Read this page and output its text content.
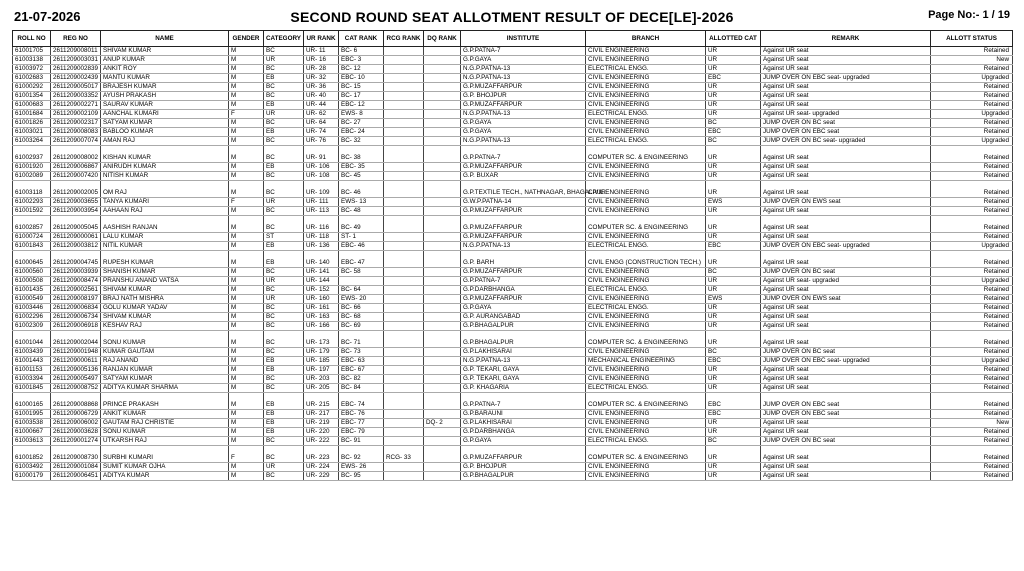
21-07-2026	SECOND ROUND SEAT ALLOTMENT RESULT OF DECE[LE]-2026	Page No:- 1 / 19
ROLL NO	REG NO	NAME	GENDER	CATEGORY	UR RANK	CAT RANK	RCG RANK	DQ RANK	INSTITUTE	BRANCH	ALLOTTED CAT	REMARK	ALLOTT STATUS
61001705	2611209008011	SHIVAM KUMAR	M	BC	UR- 11	BC- 6			G.P.PATNA-7	CIVIL ENGINEERING	UR	Against UR seat	Retained
61003138	2611209003031	ANUP KUMAR	M	UR	UR- 16	EBC- 3			G.P.GAYA	CIVIL ENGINEERING	UR	Against UR seat	New
61003972	2611209002839	ANKIT ROY	M	BC	UR- 28	BC- 12			N.G.P.PATNA-13	ELECTRICAL ENGG.	UR	Against UR seat	Retained
61002683	2611209002439	MANTU KUMAR	M	EB	UR- 32	EBC- 10			N.G.P.PATNA-13	CIVIL ENGINEERING	EBC	JUMP OVER ON EBC seat- upgraded	Upgraded
61000292	2611209005017	BRAJESH KUMAR	M	BC	UR- 36	BC- 15			G.P.MUZAFFARPUR	CIVIL ENGINEERING	UR	Against UR seat	Retained
61001354	2611209003352	AYUSH PRAKASH	M	BC	UR- 40	BC- 17			G.P. BHOJPUR	CIVIL ENGINEERING	UR	Against UR seat	Retained
61000683	2611209002271	SAURAV KUMAR	M	EB	UR- 44	EBC- 12			G.P.MUZAFFARPUR	CIVIL ENGINEERING	UR	Against UR seat	Retained
61001684	2611209002109	AANCHAL KUMARI	F	UR	UR- 62	EWS- 8			N.G.P.PATNA-13	ELECTRICAL ENGG.	UR	Against UR seat- upgraded	Upgraded
61001826	2611209002317	SATYAM KUMAR	M	BC	UR- 64	BC- 27			G.P.GAYA	CIVIL ENGINEERING	BC	JUMP OVER ON BC seat	Retained
61003021	2611209008083	BABLOO KUMAR	M	EB	UR- 74	EBC- 24			G.P.GAYA	CIVIL ENGINEERING	EBC	JUMP OVER ON EBC seat	Retained
61003264	2611209007074	AMAN RAJ	M	BC	UR- 76	BC- 32			N.G.P.PATNA-13	ELECTRICAL ENGG.	BC	JUMP OVER ON BC seat- upgraded	Upgraded
61002937	2611209008002	KISHAN KUMAR	M	BC	UR- 91	BC- 38			G.P.PATNA-7	COMPUTER SC. & ENGINEERING	UR	Against UR seat	Retained
61001920	2611209006867	ANIRUDH KUMAR	M	EB	UR- 106	EBC- 35			G.P.MUZAFFARPUR	CIVIL ENGINEERING	UR	Against UR seat	Retained
61002089	2611209007420	NITISH KUMAR	M	BC	UR- 108	BC- 45			G.P. BUXAR	CIVIL ENGINEERING	UR	Against UR seat	Retained
61003118	2611209002005	OM RAJ	M	BC	UR- 109	BC- 46			G.P.TEXTILE TECH., NATHNAGAR, BHAGALPUR	CIVIL ENGINEERING	UR	Against UR seat	Retained
61002293	2611209003655	TANYA KUMARI	F	UR	UR- 111	EWS- 13			G.W.P.PATNA-14	CIVIL ENGINEERING	EWS	JUMP OVER ON EWS seat	Retained
61001592	2611209003954	AAHAAN RAJ	M	BC	UR- 113	BC- 48			G.P.MUZAFFARPUR	CIVIL ENGINEERING	UR	Against UR seat	Retained
61002857	2611209005045	AASHISH RANJAN	M	BC	UR- 116	BC- 49			G.P.MUZAFFARPUR	COMPUTER SC. & ENGINEERING	UR	Against UR seat	Retained
61000724	2611209000061	LALU KUMAR	M	ST	UR- 118	ST- 1			G.P.MUZAFFARPUR	CIVIL ENGINEERING	UR	Against UR seat	Retained
61001843	2611209003812	NITIL KUMAR	M	EB	UR- 136	EBC- 46			N.G.P.PATNA-13	ELECTRICAL ENGG.	EBC	JUMP OVER ON EBC seat- upgraded	Upgraded
61000645	2611209004745	RUPESH KUMAR	M	EB	UR- 140	EBC- 47			G.P. BARH	CIVIL ENGG (CONSTRUCTION TECH.)	UR	Against UR seat	Retained
61000560	2611209003939	SHANISH KUMAR	M	BC	UR- 141	BC- 58			G.P.MUZAFFARPUR	CIVIL ENGINEERING	BC	JUMP OVER ON BC seat	Retained
61000508	2611209008474	PRANSHU ANAND VATSA	M	UR	UR- 144				G.P.PATNA-7	CIVIL ENGINEERING	UR	Against UR seat- upgraded	Upgraded
61001435	2611209002561	SHIVAM KUMAR	M	BC	UR- 152	BC- 64			G.P.DARBHANGA	ELECTRICAL ENGG.	UR	Against UR seat	Retained
61000549	2611209008197	BRAJ NATH MISHRA	M	UR	UR- 160	EWS- 20			G.P.MUZAFFARPUR	CIVIL ENGINEERING	EWS	JUMP OVER ON EWS seat	Retained
61003446	2611209006834	GOLU KUMAR YADAV	M	BC	UR- 161	BC- 66			G.P.GAYA	ELECTRICAL ENGG.	UR	Against UR seat	Retained
61002296	2611209006734	SHIVAM KUMAR	M	BC	UR- 163	BC- 68			G.P. AURANGABAD	CIVIL ENGINEERING	UR	Against UR seat	Retained
61002309	2611209006918	KESHAV RAJ	M	BC	UR- 166	BC- 69			G.P.BHAGALPUR	CIVIL ENGINEERING	UR	Against UR seat	Retained
61001044	2611209002044	SONU KUMAR	M	BC	UR- 173	BC- 71			G.P.BHAGALPUR	COMPUTER SC. & ENGINEERING	UR	Against UR seat	Retained
61003439	2611209001948	KUMAR GAUTAM	M	BC	UR- 179	BC- 73			G.P.LAKHISARAI	CIVIL ENGINEERING	BC	JUMP OVER ON BC seat	Retained
61001443	2611209000611	RAJ ANAND	M	EB	UR- 185	EBC- 63			N.G.P.PATNA-13	MECHANICAL ENGINEERING	EBC	JUMP OVER ON EBC seat- upgraded	Upgraded
61001153	2611209005136	RANJAN KUMAR	M	EB	UR- 197	EBC- 67			G.P. TEKARI, GAYA	CIVIL ENGINEERING	UR	Against UR seat	Retained
61003394	2611209005497	SATYAM KUMAR	M	BC	UR- 203	BC- 82			G.P. TEKARI, GAYA	CIVIL ENGINEERING	UR	Against UR seat	Retained
61001845	2611209008752	ADITYA KUMAR SHARMA	M	BC	UR- 205	BC- 84			G.P. KHAGARIA	ELECTRICAL ENGG.	UR	Against UR seat	Retained
61000165	2611209008868	PRINCE PRAKASH	M	EB	UR- 215	EBC- 74			G.P.PATNA-7	COMPUTER SC. & ENGINEERING	EBC	JUMP OVER ON EBC seat	Retained
61001995	2611209006729	ANKIT KUMAR	M	EB	UR- 217	EBC- 76			G.P.BARAUNI	CIVIL ENGINEERING	EBC	JUMP OVER ON EBC seat	Retained
61003538	2611209006002	GAUTAM RAJ CHRISTIE	M	EB	UR- 219	EBC- 77		DQ- 2	G.P.LAKHISARAI	CIVIL ENGINEERING	UR	Against UR seat	New
61000667	2611209003628	SONU KUMAR	M	EB	UR- 220	EBC- 79			G.P.DARBHANGA	CIVIL ENGINEERING	UR	Against UR seat	Retained
61003613	2611209001274	UTKARSH RAJ	M	BC	UR- 222	BC- 91			G.P.GAYA	ELECTRICAL ENGG.	BC	JUMP OVER ON BC seat	Retained
61001852	2611209008730	SURBHI KUMARI	F	BC	UR- 223	BC- 92	RCG- 33		G.P.MUZAFFARPUR	COMPUTER SC. & ENGINEERING	UR	Against UR seat	Retained
61003492	2611209001084	SUMIT KUMAR OJHA	M	UR	UR- 224	EWS- 26			G.P. BHOJPUR	CIVIL ENGINEERING	UR	Against UR seat	Retained
61000179	2611209006451	ADITYA KUMAR	M	BC	UR- 229	BC- 95			G.P.BHAGALPUR	CIVIL ENGINEERING	UR	Against UR seat	Retained
